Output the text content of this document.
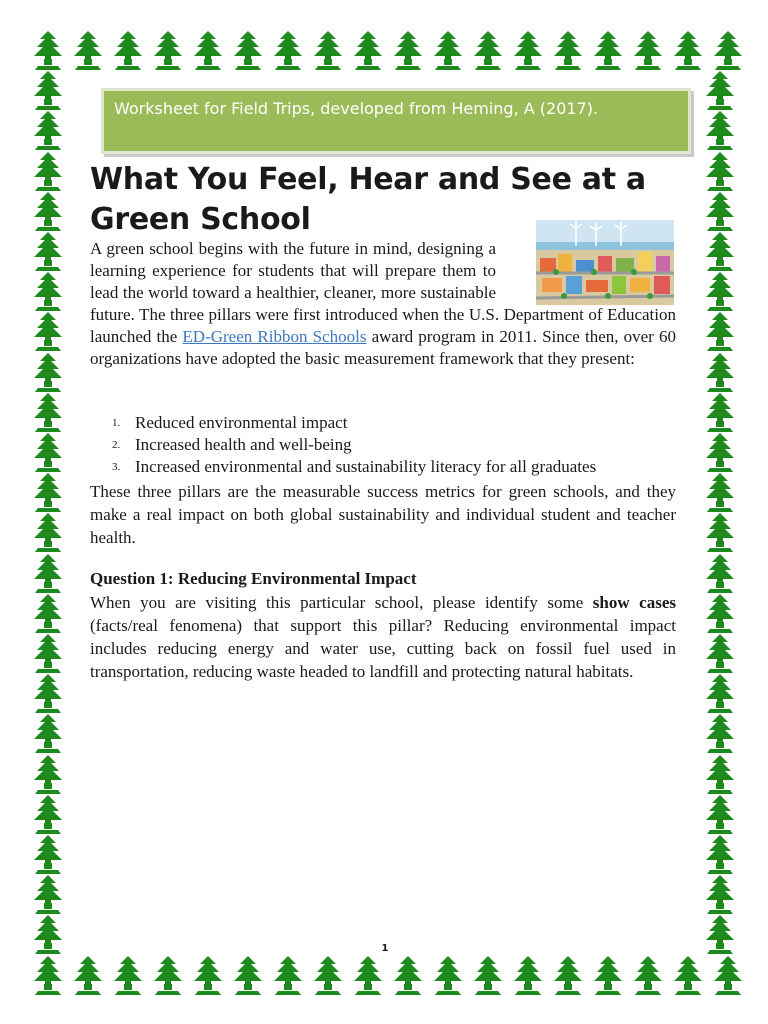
Worksheet for Field Trips, developed from Heming, A (2017).
What You Feel, Hear and See at a Green School

A green school begins with the future in mind, designing a learning experience for students that will prepare them to lead the world toward a healthier, cleaner, more sustainable future. The three pillars were first introduced when the U.S. Department of Education launched the ED-Green Ribbon Schools award program in 2011. Since then, over 60 organizations have adopted the basic measurement framework that they present:

1. Reduced environmental impact
2. Increased health and well-being
3. Increased environmental and sustainability literacy for all graduates

These three pillars are the measurable success metrics for green schools, and they make a real impact on both global sustainability and individual student and teacher health.

Question 1: Reducing Environmental Impact

When you are visiting this particular school, please identify some show cases (facts/real fenomena) that support this pillar? Reducing environmental impact includes reducing energy and water use, cutting back on fossil fuel used in transportation, reducing waste headed to landfill and protecting natural habitats.

1
